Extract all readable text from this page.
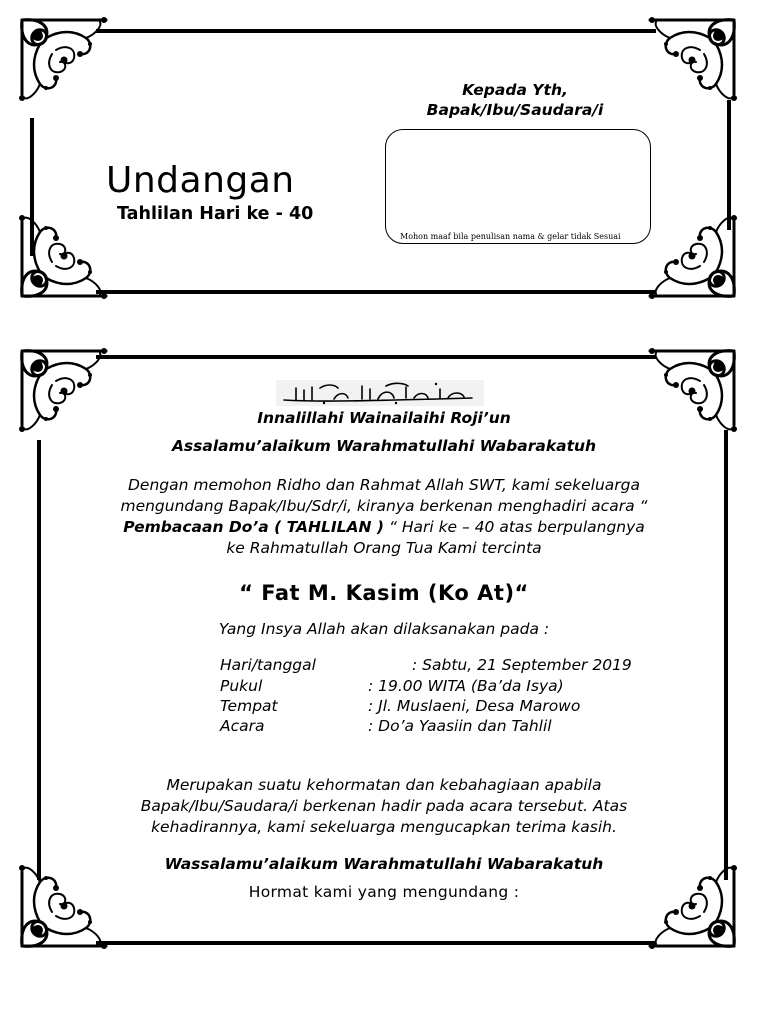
Kepada Yth,
Bapak/Ibu/Saudara/i
Mohon maaf bila penulisan nama & gelar tidak Sesuai
Undangan
Tahlilan Hari ke - 40
Innalillahi Wainailaihi Roji’un
Assalamu’alaikum Warahmatullahi Wabarakatuh
Dengan memohon Ridho dan Rahmat Allah SWT, kami sekeluarga
mengundang Bapak/Ibu/Sdr/i, kiranya berkenan menghadiri acara “
Pembacaan Do’a ( TAHLILAN ) “ Hari ke – 40 atas berpulangnya
ke Rahmatullah Orang Tua Kami tercinta
“ Fat M. Kasim (Ko At)“
Yang Insya Allah akan dilaksanakan pada :
Hari/tanggal	: Sabtu, 21 September 2019
Pukul	: 19.00 WITA (Ba’da Isya)
Tempat	: Jl. Muslaeni, Desa Marowo
Acara	: Do’a Yaasiin dan Tahlil
Merupakan suatu kehormatan dan kebahagiaan apabila
Bapak/Ibu/Saudara/i berkenan hadir pada acara tersebut. Atas
kehadirannya, kami sekeluarga mengucapkan terima kasih.
Wassalamu’alaikum Warahmatullahi Wabarakatuh
Hormat kami yang mengundang :
